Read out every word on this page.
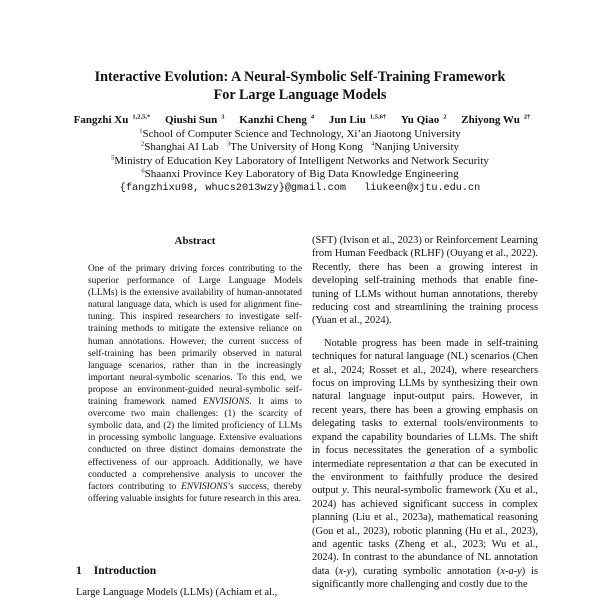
Interactive Evolution: A Neural-Symbolic Self-Training Framework
For Large Language Models
Fangzhi Xu $^{1,2,5,*}$ Qiushi Sun $^3$ Kanzhi Cheng $^4$ Jun Liu $^{1,5,6\dagger}$ Yu Qiao $^2$ Zhiyong Wu $^{2\dagger}$
$^1$School of Computer Science and Technology, Xi’an Jiaotong University
$^2$Shanghai AI Lab $^3$The University of Hong Kong $^4$Nanjing University
$^5$Ministry of Education Key Laboratory of Intelligent Networks and Network Security
$^6$Shaanxi Province Key Laboratory of Big Data Knowledge Engineering
{fangzhixu98, whucs2013wzy}@gmail.com liukeen@xjtu.edu.cn
Abstract

One of the primary driving forces contributing to the superior performance of Large Language Models (LLMs) is the extensive availability of human-annotated natural language data, which is used for alignment fine-tuning. This inspired researchers to investigate self-training methods to mitigate the extensive reliance on human annotations. However, the current success of self-training has been primarily observed in natural language scenarios, rather than in the increasingly important neural-symbolic scenarios. To this end, we propose an environment-guided neural-symbolic self-training framework named ENVISIONS. It aims to overcome two main challenges: (1) the scarcity of symbolic data, and (2) the limited proficiency of LLMs in processing symbolic language. Extensive evaluations conducted on three distinct domains demonstrate the effectiveness of our approach. Additionally, we have conducted a comprehensive analysis to uncover the factors contributing to ENVISIONS’s success, thereby offering valuable insights for future research in this area.

1 Introduction

Large Language Models (LLMs) (Achiam et al.,

(SFT) (Ivison et al., 2023) or Reinforcement Learning from Human Feedback (RLHF) (Ouyang et al., 2022). Recently, there has been a growing interest in developing self-training methods that enable fine-tuning of LLMs without human annotations, thereby reducing cost and streamlining the training process (Yuan et al., 2024).

Notable progress has been made in self-training techniques for natural language (NL) scenarios (Chen et al., 2024; Rosset et al., 2024), where researchers focus on improving LLMs by synthesizing their own natural language input-output pairs. However, in recent years, there has been a growing emphasis on delegating tasks to external tools/environments to expand the capability boundaries of LLMs. The shift in focus necessitates the generation of a symbolic intermediate representation a that can be executed in the environment to faithfully produce the desired output y. This neural-symbolic framework (Xu et al., 2024) has achieved significant success in complex planning (Liu et al., 2023a), mathematical reasoning (Gou et al., 2023), robotic planning (Hu et al., 2023), and agentic tasks (Zheng et al., 2023; Wu et al., 2024). In contrast to the abundance of NL annotation data (x-y), curating symbolic annotation (x-a-y) is significantly more challenging and costly due to the
